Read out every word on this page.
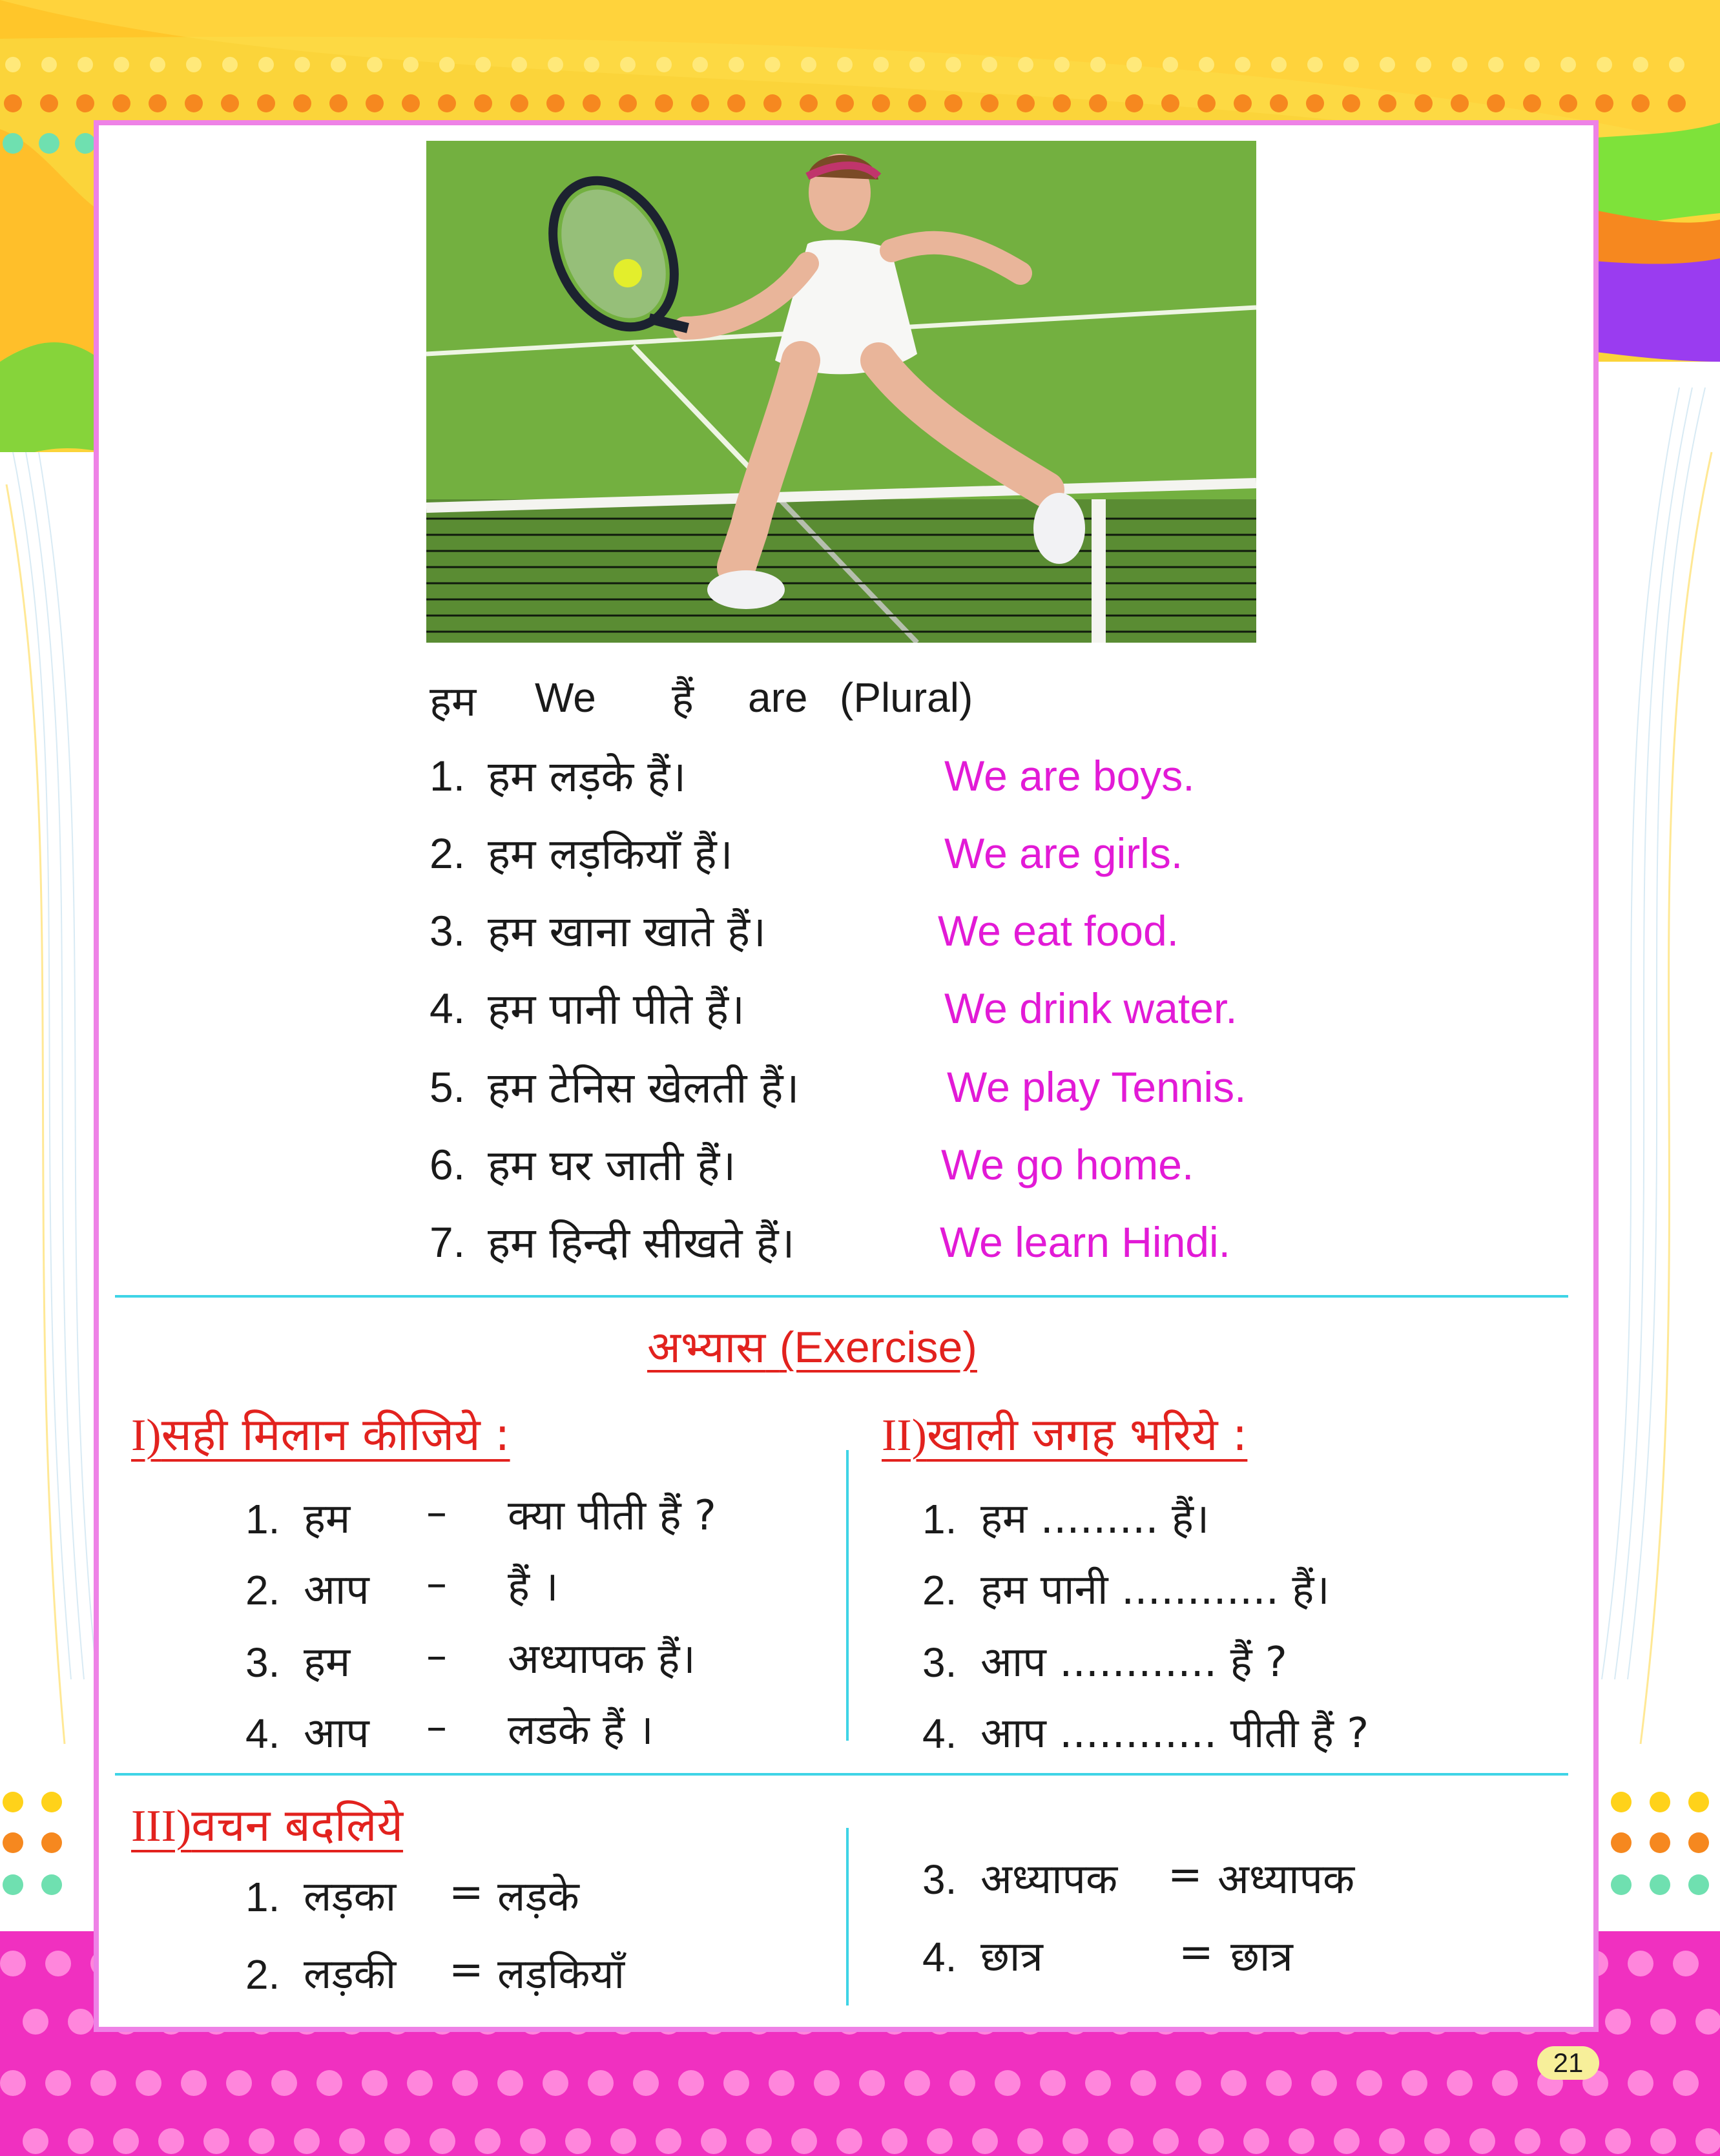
हम We हैं are (Plural)
1. हम लड़के हैं।	We are boys.
2. हम लड़कियाँ हैं।	We are girls.
3. हम खाना खाते हैं।	We eat food.
4. हम पानी पीते हैं।	We drink water.
5. हम टेनिस खेलती हैं।	We play Tennis.
6. हम घर जाती हैं।	We go home.
7. हम हिन्दी सीखते हैं।	We learn Hindi.
अभ्यास (Exercise)
I)सही मिलान कीजिये :
1. हम – क्या पीती हैं ?
2. आप – हैं ।
3. हम – अध्यापक हैं।
4. आप – लडके हैं ।
II)खाली जगह भरिये :
1. हम ......... हैं।
2. हम पानी ............ हैं।
3. आप ............ हैं ?
4. आप ............ पीती हैं ?
III)वचन बदलिये
1. लड़का = लड़के
2. लड़की = लड़कियाँ
3. अध्यापक = अध्यापक
4. छात्र	= छात्र
21
